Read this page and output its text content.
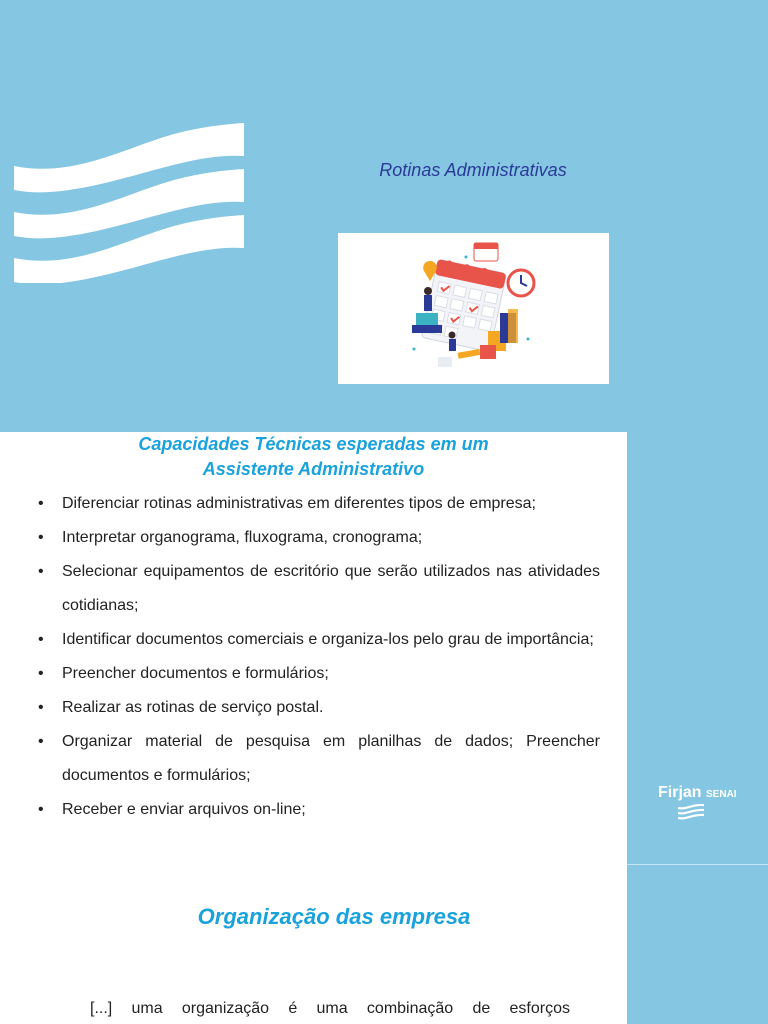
Rotinas Administrativas
Capacidades Técnicas esperadas em um
Assistente Administrativo
• Diferenciar rotinas administrativas em diferentes tipos de empresa;
• Interpretar organograma, fluxograma, cronograma;
• Selecionar equipamentos de escritório que serão utilizados nas atividades cotidianas;
• Identificar documentos comerciais e organiza-los pelo grau de importância;
• Preencher documentos e formulários;
• Realizar as rotinas de serviço postal.
• Organizar material de pesquisa em planilhas de dados; Preencher documentos e formulários;
• Receber e enviar arquivos on-line;
Organização das empresa
[...] uma organização é uma combinação de esforços
Firjan SENAI
